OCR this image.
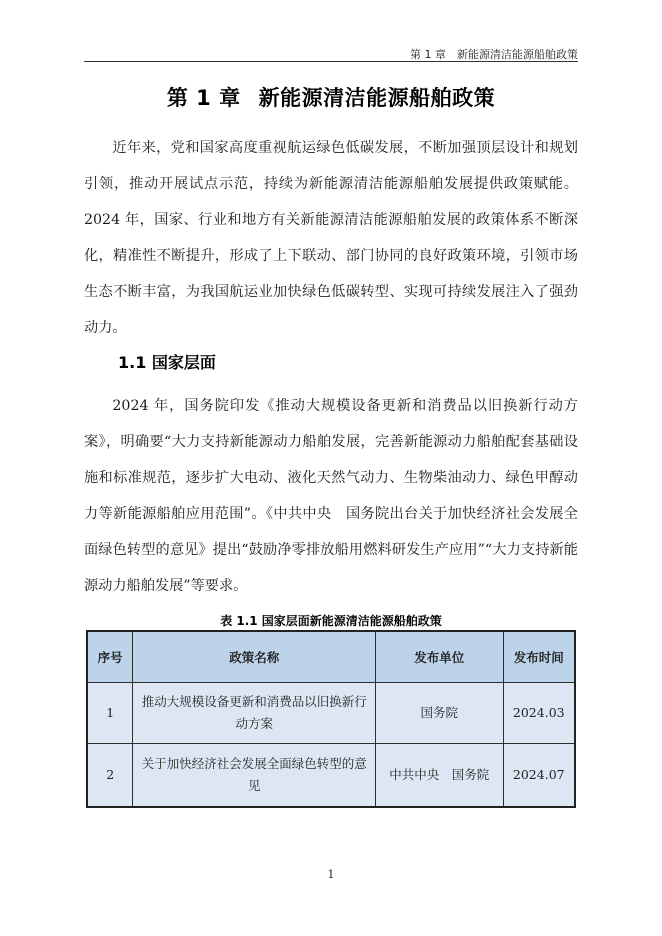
第 1 章　新能源清洁能源船舶政策
第 1 章 新能源清洁能源船舶政策

近年来，党和国家高度重视航运绿色低碳发展，不断加强顶层设计和规划引领，推动开展试点示范，持续为新能源清洁能源船舶发展提供政策赋能。2024 年，国家、行业和地方有关新能源清洁能源船舶发展的政策体系不断深化，精准性不断提升，形成了上下联动、部门协同的良好政策环境，引领市场生态不断丰富，为我国航运业加快绿色低碳转型、实现可持续发展注入了强劲动力。

1.1 国家层面

2024 年，国务院印发《推动大规模设备更新和消费品以旧换新行动方案》，明确要“大力支持新能源动力船舶发展，完善新能源动力船舶配套基础设施和标准规范，逐步扩大电动、液化天然气动力、生物柴油动力、绿色甲醇动力等新能源船舶应用范围”。《中共中央　国务院出台关于加快经济社会发展全面绿色转型的意见》提出“鼓励净零排放船用燃料研发生产应用”“大力支持新能源动力船舶发展”等要求。

表 1.1 国家层面新能源清洁能源船舶政策
序号	政策名称	发布单位	发布时间
1	推动大规模设备更新和消费品以旧换新行动方案	国务院	2024.03
2	关于加快经济社会发展全面绿色转型的意见	中共中央　国务院	2024.07
1
